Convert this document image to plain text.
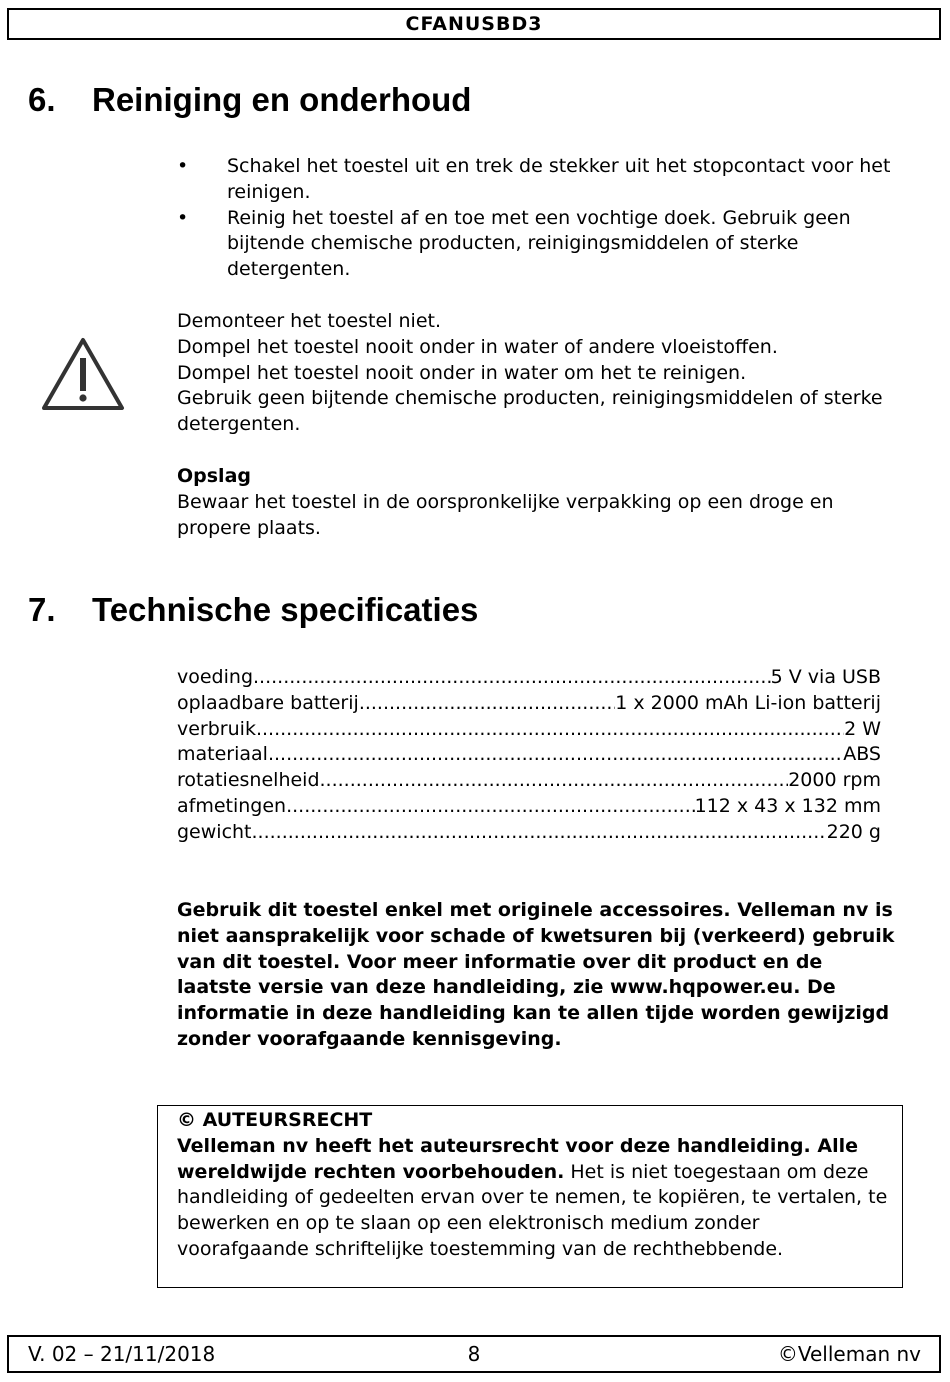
CFANUSBD3
6. Reiniging en onderhoud
• Schakel het toestel uit en trek de stekker uit het stopcontact voor het reinigen.
• Reinig het toestel af en toe met een vochtige doek. Gebruik geen bijtende chemische producten, reinigingsmiddelen of sterke detergenten.
Demonteer het toestel niet.
Dompel het toestel nooit onder in water of andere vloeistoffen.
Dompel het toestel nooit onder in water om het te reinigen.
Gebruik geen bijtende chemische producten, reinigingsmiddelen of sterke detergenten.
Opslag
Bewaar het toestel in de oorspronkelijke verpakking op een droge en propere plaats.
7. Technische specificaties
voeding .....	5 V via USB
oplaadbare batterij .....	1 x 2000 mAh Li-ion batterij
verbruik .....	2 W
materiaal .....	ABS
rotatiesnelheid .....	2000 rpm
afmetingen .....	112 x 43 x 132 mm
gewicht .....	220 g
Gebruik dit toestel enkel met originele accessoires. Velleman nv is niet aansprakelijk voor schade of kwetsuren bij (verkeerd) gebruik van dit toestel. Voor meer informatie over dit product en de laatste versie van deze handleiding, zie www.hqpower.eu. De informatie in deze handleiding kan te allen tijde worden gewijzigd zonder voorafgaande kennisgeving.
© AUTEURSRECHT
Velleman nv heeft het auteursrecht voor deze handleiding. Alle wereldwijde rechten voorbehouden. Het is niet toegestaan om deze handleiding of gedeelten ervan over te nemen, te kopiëren, te vertalen, te bewerken en op te slaan op een elektronisch medium zonder voorafgaande schriftelijke toestemming van de rechthebbende.
V. 02 – 21/11/2018	8	©Velleman nv
